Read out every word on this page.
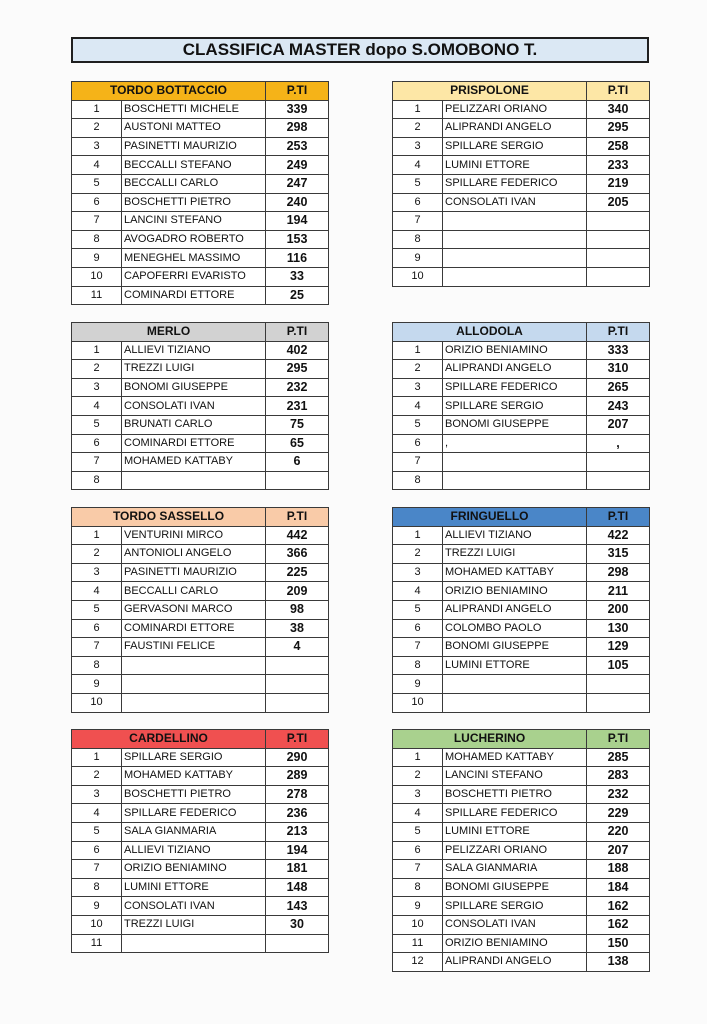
CLASSIFICA MASTER dopo S.OMOBONO T.
TORDO BOTTACCIO		P.TI
1	BOSCHETTI MICHELE	339
2	AUSTONI MATTEO	298
3	PASINETTI MAURIZIO	253
4	BECCALLI STEFANO	249
5	BECCALLI CARLO	247
6	BOSCHETTI PIETRO	240
7	LANCINI STEFANO	194
8	AVOGADRO ROBERTO	153
9	MENEGHEL MASSIMO	116
10	CAPOFERRI EVARISTO	33
11	COMINARDI ETTORE	25
PRISPOLONE		P.TI
1	PELIZZARI ORIANO	340
2	ALIPRANDI ANGELO	295
3	SPILLARE SERGIO	258
4	LUMINI ETTORE	233
5	SPILLARE FEDERICO	219
6	CONSOLATI IVAN	205
7		
8		
9		
10		
MERLO		P.TI
1	ALLIEVI TIZIANO	402
2	TREZZI LUIGI	295
3	BONOMI GIUSEPPE	232
4	CONSOLATI IVAN	231
5	BRUNATI CARLO	75
6	COMINARDI ETTORE	65
7	MOHAMED KATTABY	6
8		
ALLODOLA		P.TI
1	ORIZIO BENIAMINO	333
2	ALIPRANDI ANGELO	310
3	SPILLARE FEDERICO	265
4	SPILLARE SERGIO	243
5	BONOMI GIUSEPPE	207
6	,	,
7		
8		
TORDO SASSELLO		P.TI
1	VENTURINI MIRCO	442
2	ANTONIOLI ANGELO	366
3	PASINETTI MAURIZIO	225
4	BECCALLI CARLO	209
5	GERVASONI MARCO	98
6	COMINARDI ETTORE	38
7	FAUSTINI FELICE	4
8		
9		
10		
FRINGUELLO		P.TI
1	ALLIEVI TIZIANO	422
2	TREZZI LUIGI	315
3	MOHAMED KATTABY	298
4	ORIZIO BENIAMINO	211
5	ALIPRANDI ANGELO	200
6	COLOMBO PAOLO	130
7	BONOMI GIUSEPPE	129
8	LUMINI ETTORE	105
9		
10		
CARDELLINO		P.TI
1	SPILLARE SERGIO	290
2	MOHAMED KATTABY	289
3	BOSCHETTI PIETRO	278
4	SPILLARE FEDERICO	236
5	SALA GIANMARIA	213
6	ALLIEVI TIZIANO	194
7	ORIZIO BENIAMINO	181
8	LUMINI ETTORE	148
9	CONSOLATI IVAN	143
10	TREZZI LUIGI	30
11		
LUCHERINO		P.TI
1	MOHAMED KATTABY	285
2	LANCINI STEFANO	283
3	BOSCHETTI PIETRO	232
4	SPILLARE FEDERICO	229
5	LUMINI ETTORE	220
6	PELIZZARI ORIANO	207
7	SALA GIANMARIA	188
8	BONOMI GIUSEPPE	184
9	SPILLARE SERGIO	162
10	CONSOLATI IVAN	162
11	ORIZIO BENIAMINO	150
12	ALIPRANDI ANGELO	138
